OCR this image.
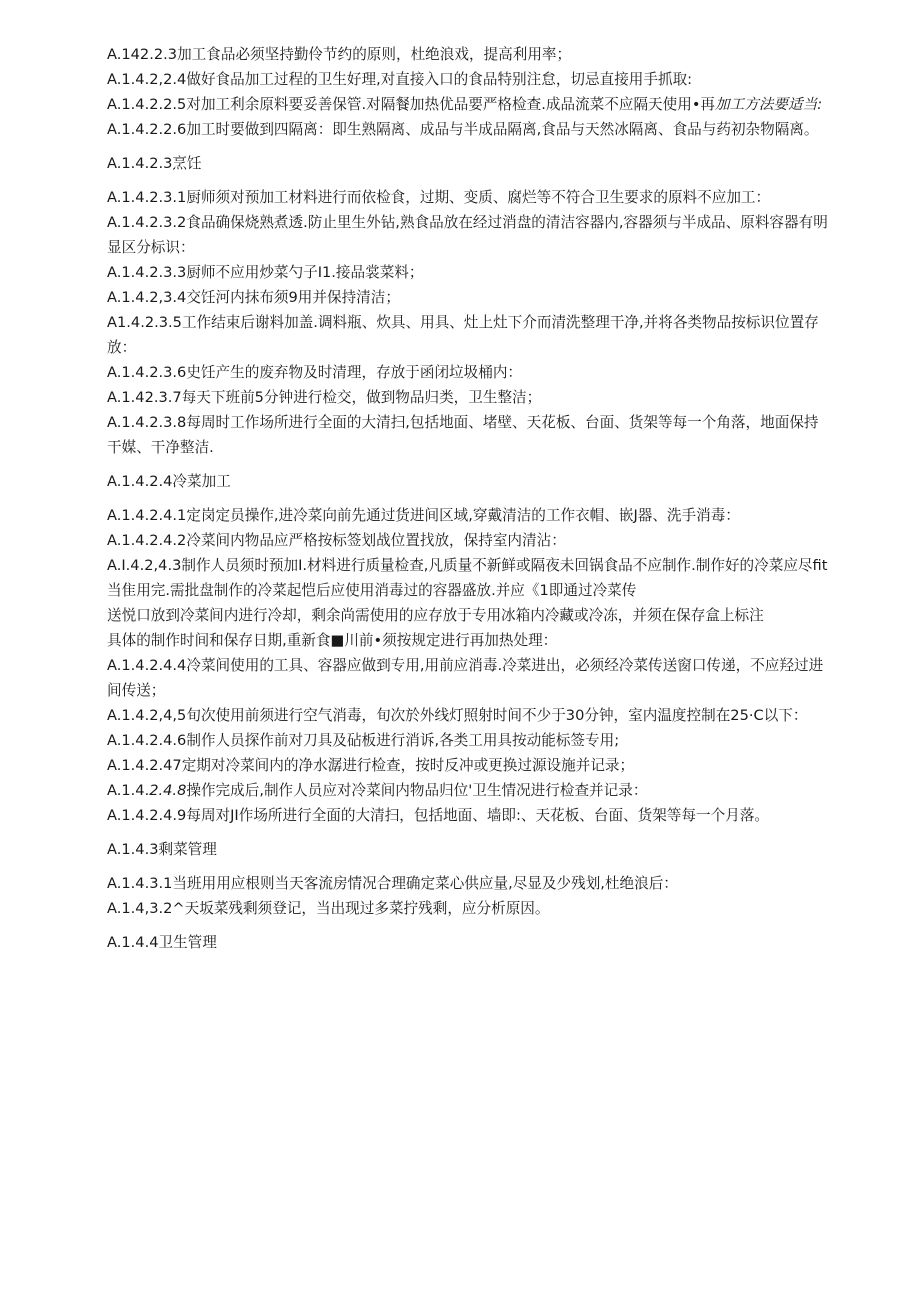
A.142.2.3加工食品必须坚持勤伶节约的原则，杜绝浪戏，提高利用率；

A.1.4.2,2.4做好食品加工过程的卫生好理,对直接入口的食品特别注怠，切忌直接用手抓取:

A.1.4.2.2.5对加工利余原料要妥善保管.对隔餐加热优品要严格检查.成品流菜不应隔天使用•再加工方法要适当:

A.1.4.2.2.6加工时要做到四隔离：即生熟隔离、成品与半成品隔离,食品与天然冰隔离、食品与药初杂物隔离。

A.1.4.2.3烹饪

A.1.4.2.3.1厨师须对预加工材料进行而依检食，过期、变质、腐烂等不符合卫生要求的原料不应加工：

A.1.4.2.3.2食品确保烧熟煮透.防止里生外钻,熟食品放在经过消盘的清洁容器内,容器须与半成品、原料容器有明显区分标识：

A.1.4.2.3.3厨师不应用炒菜勺子I1.接品裳菜料；

A.1.4.2,3.4交饪河内抹布须9用并保持清洁；

A1.4.2.3.5工作结束后谢料加盖.调料瓶、炊具、用具、灶上灶下介而清洗整理干净,并将各类物品按标识位置存放：

A.1.4.2.3.6史饪产生的废弃物及时清理，存放于函闭垃圾桶内：

A.1.42.3.7每天下班前5分钟进行检交，做到物品归类，卫生整洁；

A.1.4.2.3.8每周时工作场所进行全面的大清扫,包括地面、堵壁、天花板、台面、货架等每一个角落，地面保持干媒、干净整洁.

A.1.4.2.4冷菜加工

A.1.4.2.4.1定岗定员操作,进冷菜向前先通过货进间区域,穿戴清洁的工作衣帽、嵌J器、洗手消毒：

A.1.4.2.4.2冷菜间内物品应严格按标签划战位置找放，保持室内清沾：

A.I.4.2,4.3制作人员须时预加I.材料进行质量检查,凡质量不新鲜或隔夜未回锅食品不应制作.制作好的冷菜应尽fit当隹用完.需批盘制作的冷菜起恺后应使用消毒过的容器盛放.并应《1即通过冷菜传

送悦口放到冷菜间内进行冷却，剩余尚需使用的应存放于专用冰箱内冷藏或冷冻，并须在保存盒上标注

具体的制作时间和保存日期,重新食■川前•须按规定进行再加热处理：

A.1.4.2.4.4冷菜间使用的工具、容器应做到专用,用前应消毒.冷菜进出，必须经冷菜传送窗口传递，不应羟过进间传送；

A.1.4.2,4,5旬次使用前须进行空气消毒，旬次於外线灯照射时间不少于30分钟，室内温度控制在25·C以下：

A.1.4.2.4.6制作人员探作前对刀具及砧板进行消诉,各类工用具按动能标签专用;

A.1.4.2.47定期对冷菜间内的净水潺进行检查，按时反冲或更换过源设施并记录；

A.1.4.2.4.8操作完成后,制作人员应对冷菜间内物品归位'卫生情况进行检查并记录：

A.1.4.2.4.9每周对JI作场所进行全面的大清扫，包括地面、墙即:、天花板、台面、货架等每一个月落。

A.1.4.3剩菜管理

A.1.4.3.1当班用用应根则当天客流房情况合理确定菜心供应量,尽显及少残划,杜绝浪后：

A.1.4,3.2^天坂菜残剩须登记，当出现过多菜拧残剩，应分析原因。

A.1.4.4卫生管理
